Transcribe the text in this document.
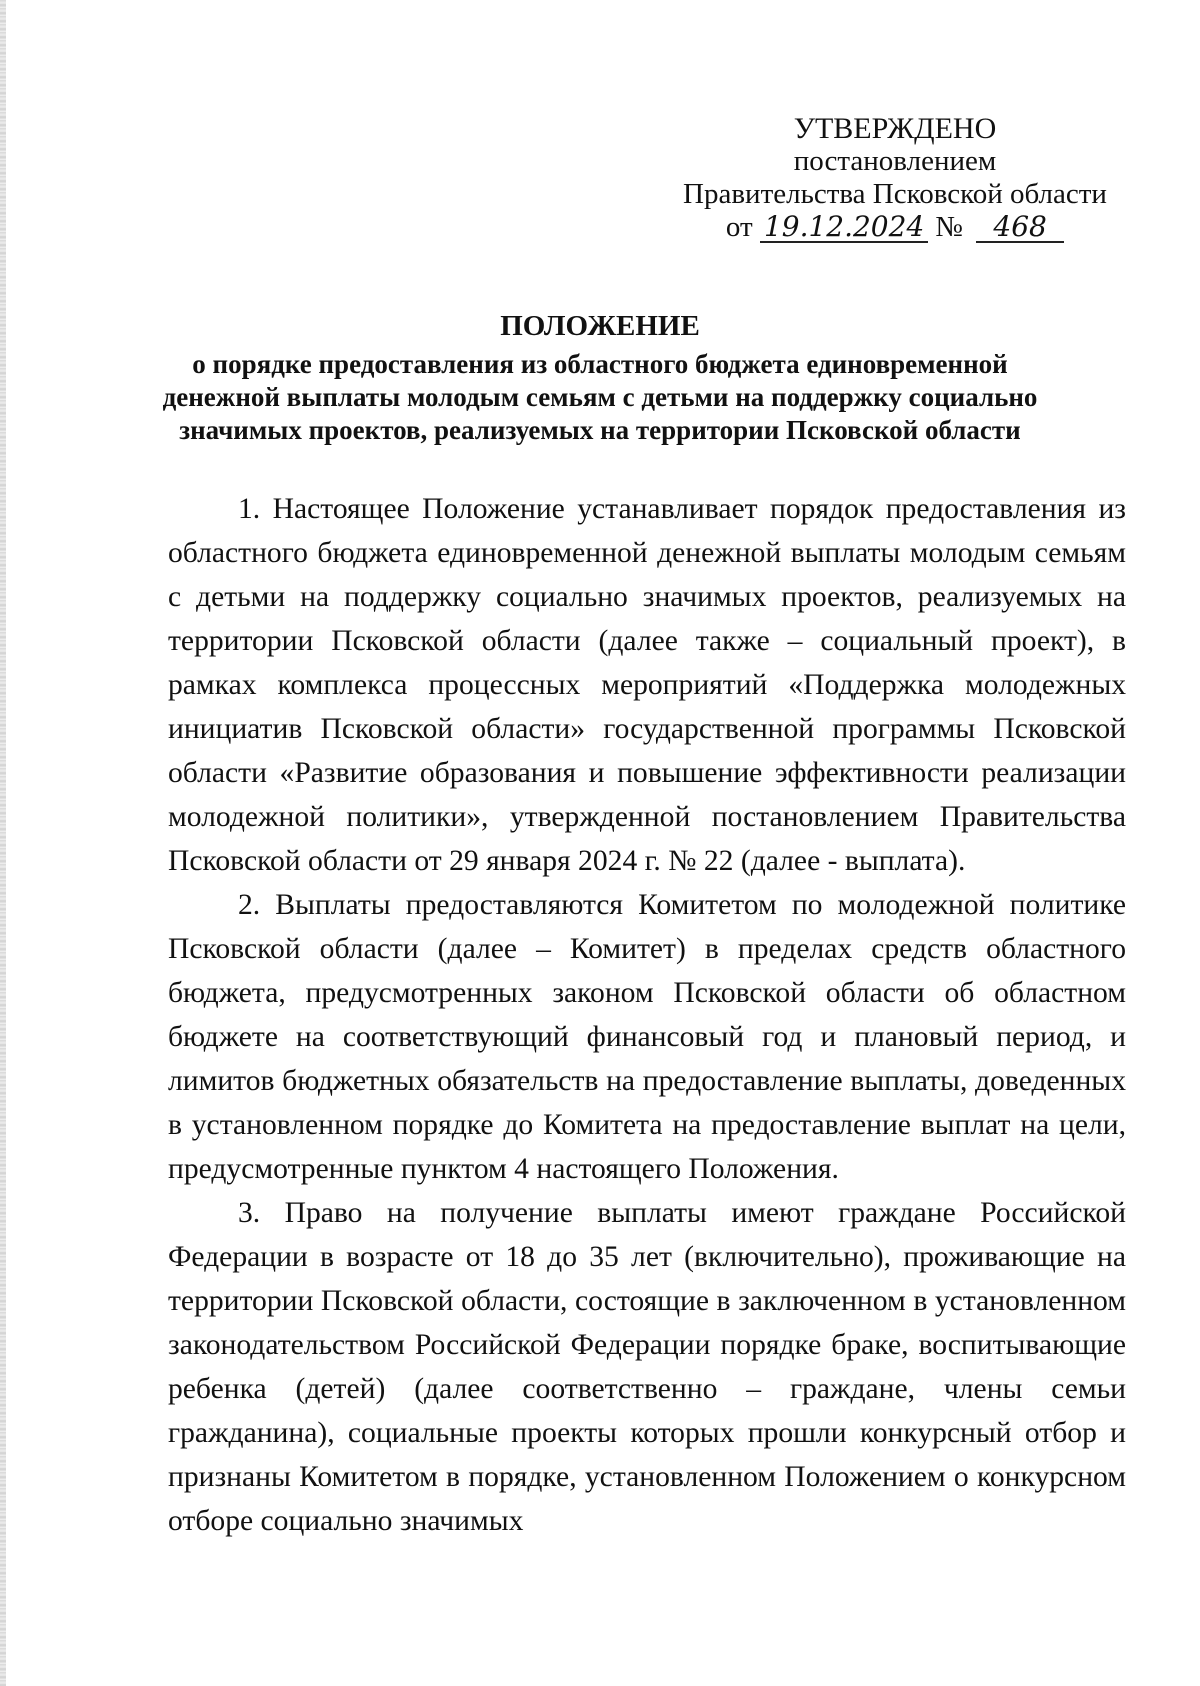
УТВЕРЖДЕНО
постановлением
Правительства Псковской области
от 19.12.2024 № 468
ПОЛОЖЕНИЕ
о порядке предоставления из областного бюджета единовременной денежной выплаты молодым семьям с детьми на поддержку социально значимых проектов, реализуемых на территории Псковской области

1. Настоящее Положение устанавливает порядок предоставления из областного бюджета единовременной денежной выплаты молодым семьям с детьми на поддержку социально значимых проектов, реализуемых на территории Псковской области (далее также – социальный проект), в рамках комплекса процессных мероприятий «Поддержка молодежных инициатив Псковской области» государственной программы Псковской области «Развитие образования и повышение эффективности реализации молодежной политики», утвержденной постановлением Правительства Псковской области от 29 января 2024 г. № 22 (далее - выплата).

2. Выплаты предоставляются Комитетом по молодежной политике Псковской области (далее – Комитет) в пределах средств областного бюджета, предусмотренных законом Псковской области об областном бюджете на соответствующий финансовый год и плановый период, и лимитов бюджетных обязательств на предоставление выплаты, доведенных в установленном порядке до Комитета на предоставление выплат на цели, предусмотренные пунктом 4 настоящего Положения.

3. Право на получение выплаты имеют граждане Российской Федерации в возрасте от 18 до 35 лет (включительно), проживающие на территории Псковской области, состоящие в заключенном в установленном законодательством Российской Федерации порядке браке, воспитывающие ребенка (детей) (далее соответственно – граждане, члены семьи гражданина), социальные проекты которых прошли конкурсный отбор и признаны Комитетом в порядке, установленном Положением о конкурсном отборе социально значимых
